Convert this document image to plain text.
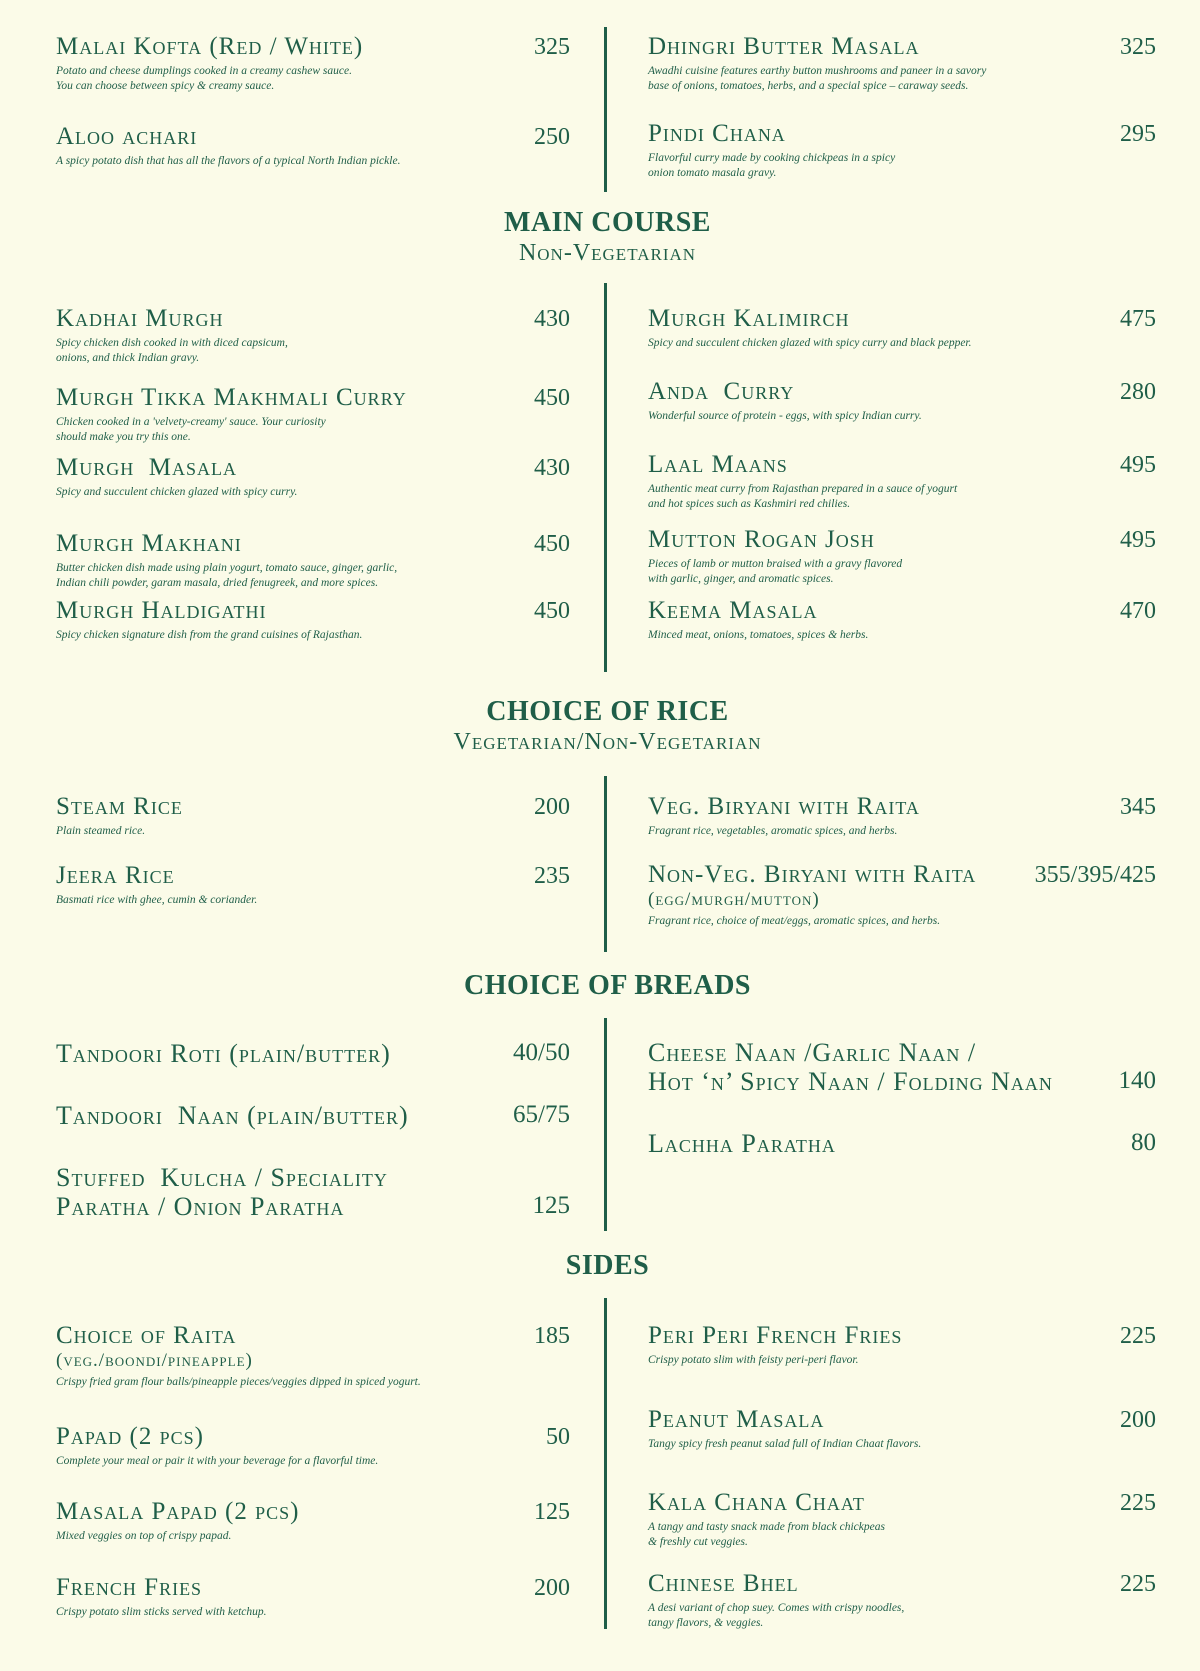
Malai Kofta (Red / White)
Potato and cheese dumplings cooked in a creamy cashew sauce.
You can choose between spicy & creamy sauce.
325
Aloo achari
A spicy potato dish that has all the flavors of a typical North Indian pickle.
250
Dhingri Butter Masala
Awadhi cuisine features earthy button mushrooms and paneer in a savory
base of onions, tomatoes, herbs, and a special spice – caraway seeds.
325
Pindi Chana
Flavorful curry made by cooking chickpeas in a spicy
onion tomato masala gravy.
295
MAIN COURSE
Non-Vegetarian
Kadhai Murgh
Spicy chicken dish cooked in with diced capsicum,
onions, and thick Indian gravy.
430
Murgh Tikka Makhmali Curry
Chicken cooked in a 'velvety-creamy' sauce. Your curiosity
should make you try this one.
450
Murgh  Masala
Spicy and succulent chicken glazed with spicy curry.
430
Murgh Makhani
Butter chicken dish made using plain yogurt, tomato sauce, ginger, garlic,
Indian chili powder, garam masala, dried fenugreek, and more spices.
450
Murgh Haldigathi
Spicy chicken signature dish from the grand cuisines of Rajasthan.
450
Murgh Kalimirch
Spicy and succulent chicken glazed with spicy curry and black pepper.
475
Anda  Curry
Wonderful source of protein - eggs, with spicy Indian curry.
280
Laal Maans
Authentic meat curry from Rajasthan prepared in a sauce of yogurt
and hot spices such as Kashmiri red chilies.
495
Mutton Rogan Josh
Pieces of lamb or mutton braised with a gravy flavored
with garlic, ginger, and aromatic spices.
495
Keema Masala
Minced meat, onions, tomatoes, spices & herbs.
470
CHOICE OF RICE
Vegetarian/Non-Vegetarian
Steam Rice
Plain steamed rice.
200
Jeera Rice
Basmati rice with ghee, cumin & coriander.
235
Veg. Biryani with Raita
Fragrant rice, vegetables, aromatic spices, and herbs.
345
Non-Veg. Biryani with Raita
(egg/murgh/mutton)
Fragrant rice, choice of meat/eggs, aromatic spices, and herbs.
355/395/425
CHOICE OF BREADS
Tandoori Roti (plain/butter)	40/50
Tandoori  Naan (plain/butter)	65/75
Stuffed  Kulcha / Speciality
Paratha / Onion Paratha	125
Cheese Naan /Garlic Naan /
Hot ‘n’ Spicy Naan / Folding Naan	140
Lachha Paratha	80
SIDES
Choice of Raita
(veg./boondi/pineapple)
Crispy fried gram flour balls/pineapple pieces/veggies dipped in spiced yogurt.
185
Papad (2 pcs)
Complete your meal or pair it with your beverage for a flavorful time.
50
Masala Papad (2 pcs)
Mixed veggies on top of crispy papad.
125
French Fries
Crispy potato slim sticks served with ketchup.
200
Peri Peri French Fries
Crispy potato slim with feisty peri-peri flavor.
225
Peanut Masala
Tangy spicy fresh peanut salad full of Indian Chaat flavors.
200
Kala Chana Chaat
A tangy and tasty snack made from black chickpeas
& freshly cut veggies.
225
Chinese Bhel
A desi variant of chop suey. Comes with crispy noodles,
tangy flavors, & veggies.
225
